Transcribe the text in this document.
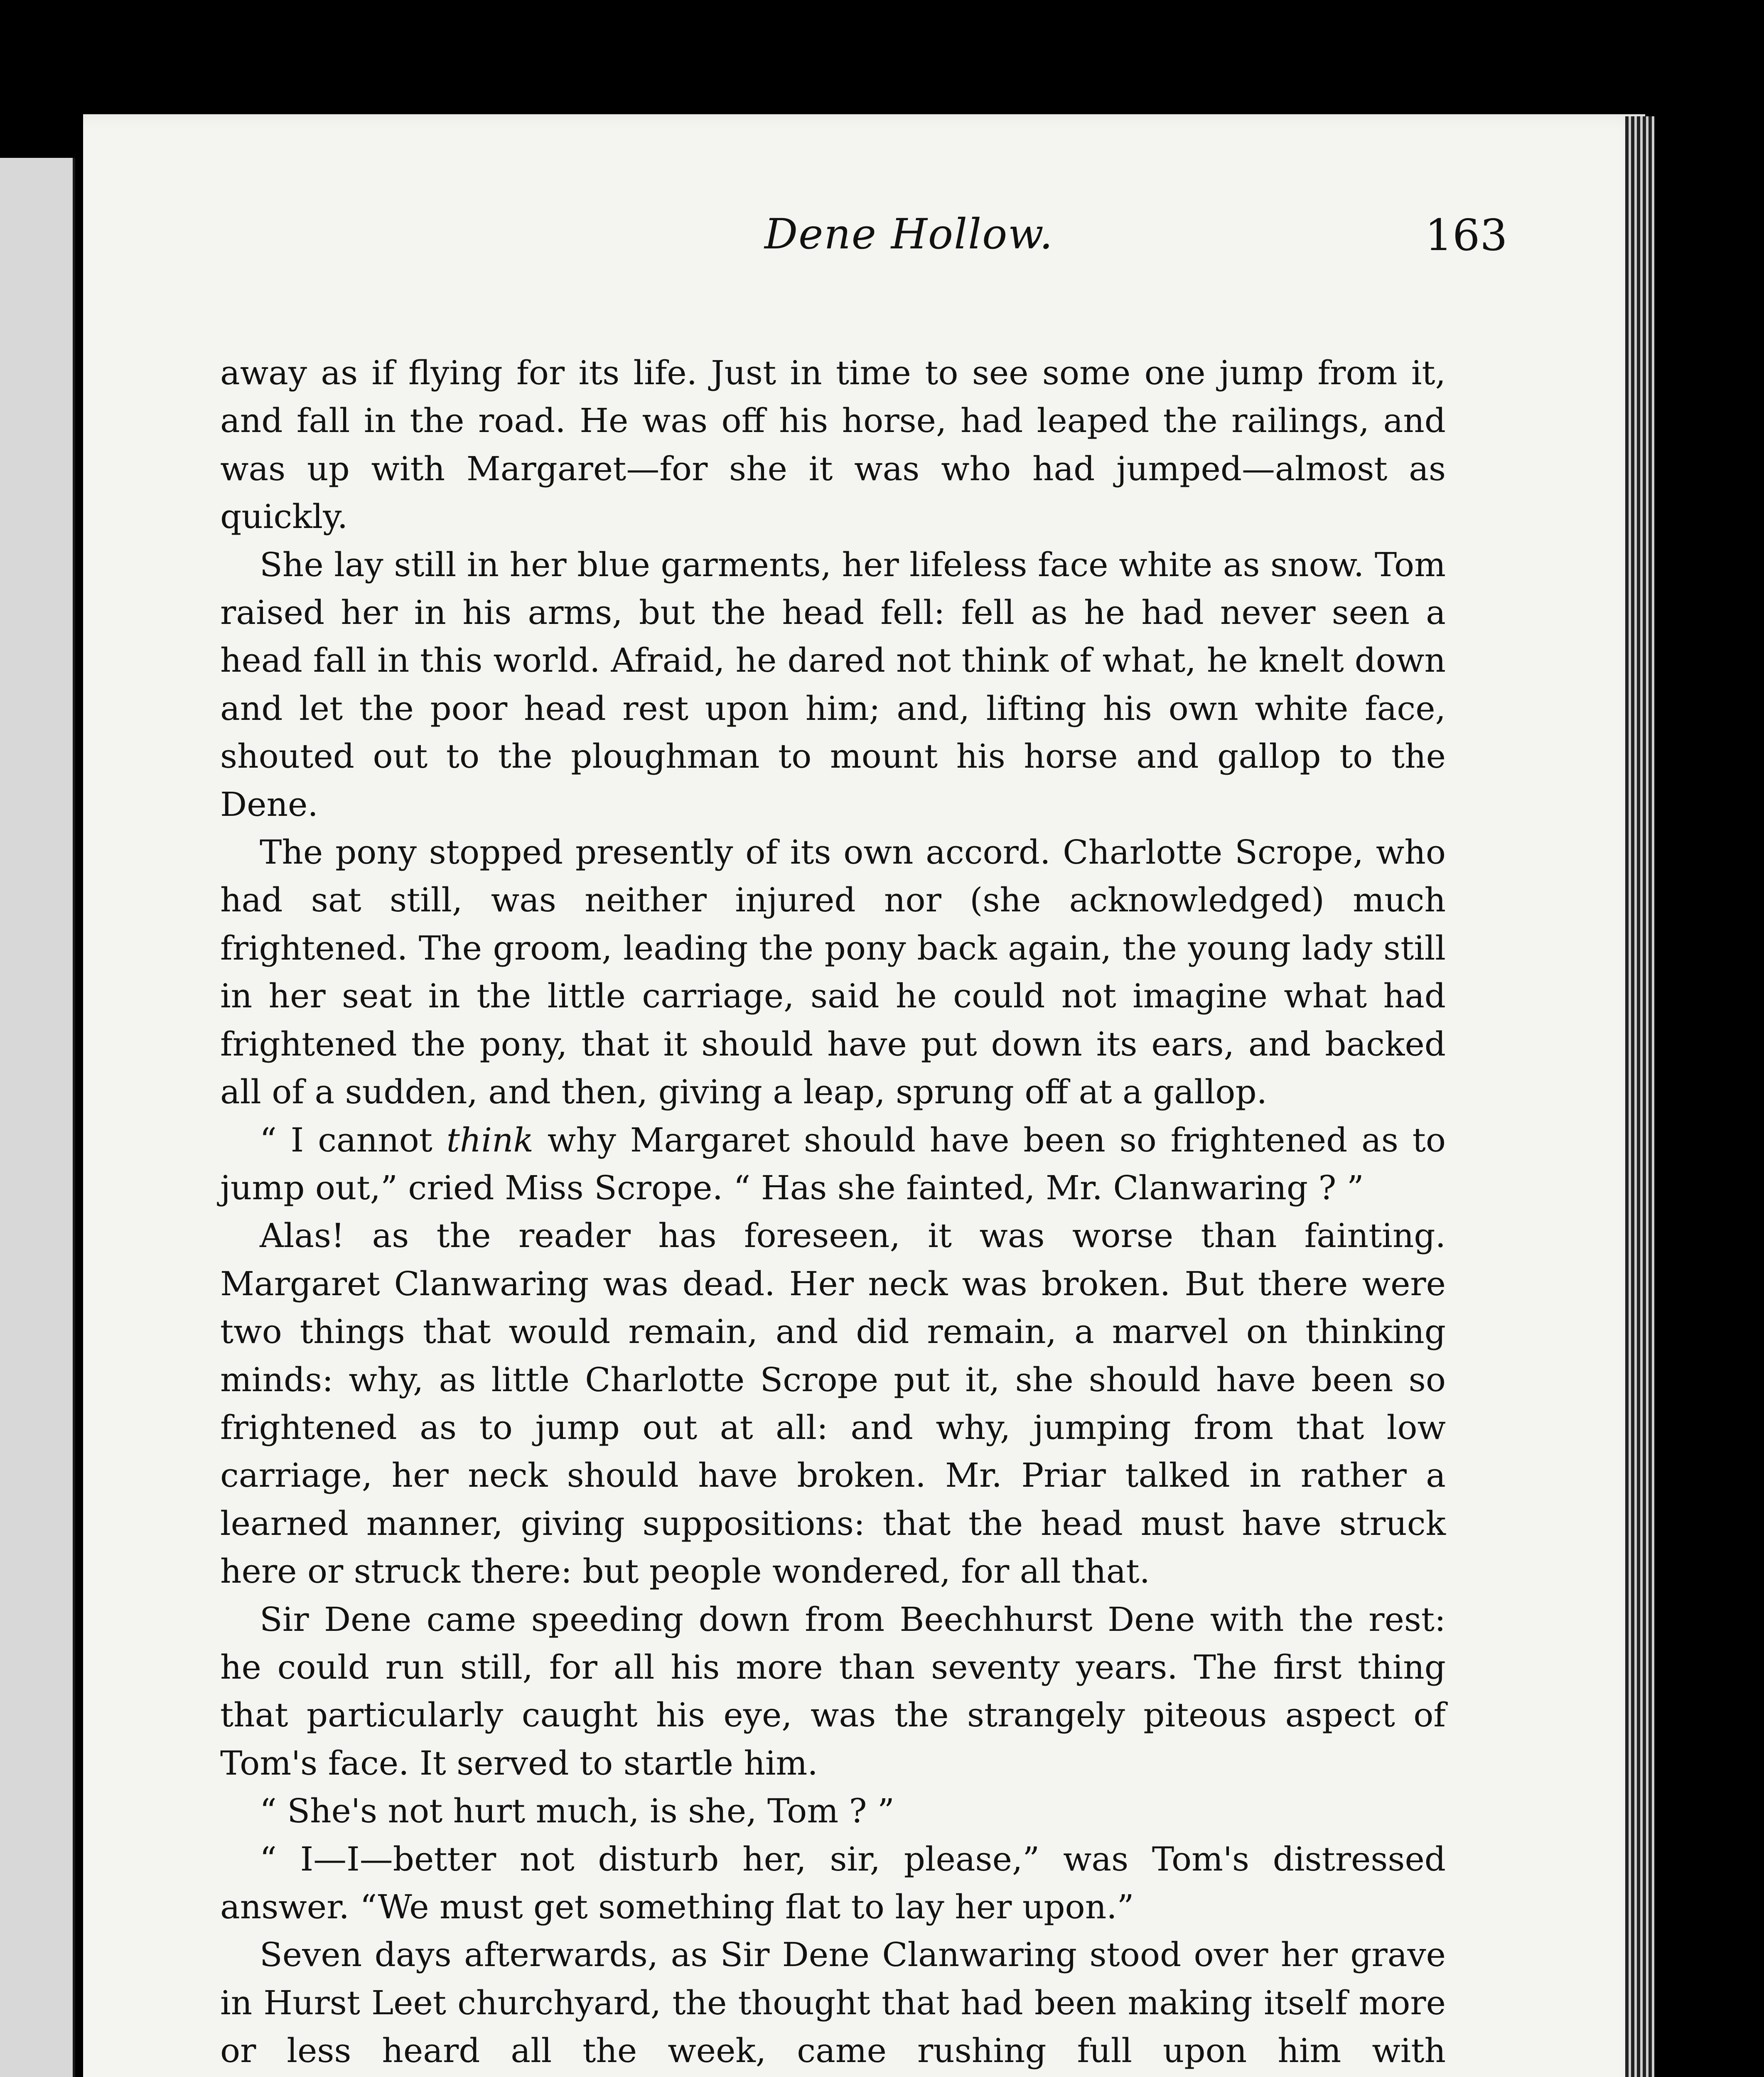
Dene Hollow.	163

away as if flying for its life. Just in time to see some one jump from it, and fall in the road. He was off his horse, had leaped the railings, and was up with Margaret—for she it was who had jumped—almost as quickly.

She lay still in her blue garments, her lifeless face white as snow. Tom raised her in his arms, but the head fell: fell as he had never seen a head fall in this world. Afraid, he dared not think of what, he knelt down and let the poor head rest upon him; and, lifting his own white face, shouted out to the ploughman to mount his horse and gallop to the Dene.

The pony stopped presently of its own accord. Charlotte Scrope, who had sat still, was neither injured nor (she acknowledged) much frightened. The groom, leading the pony back again, the young lady still in her seat in the little carriage, said he could not imagine what had frightened the pony, that it should have put down its ears, and backed all of a sudden, and then, giving a leap, sprung off at a gallop.

“ I cannot think why Margaret should have been so frightened as to jump out,” cried Miss Scrope. “ Has she fainted, Mr. Clanwaring ? ”

Alas! as the reader has foreseen, it was worse than fainting. Margaret Clanwaring was dead. Her neck was broken. But there were two things that would remain, and did remain, a marvel on thinking minds: why, as little Charlotte Scrope put it, she should have been so frightened as to jump out at all: and why, jumping from that low carriage, her neck should have broken. Mr. Priar talked in rather a learned manner, giving suppositions: that the head must have struck here or struck there: but people wondered, for all that.

Sir Dene came speeding down from Beechhurst Dene with the rest: he could run still, for all his more than seventy years. The first thing that particularly caught his eye, was the strangely piteous aspect of Tom's face. It served to startle him.

“ She's not hurt much, is she, Tom ? ”

“ I—I—better not disturb her, sir, please,” was Tom's distressed answer. “We must get something flat to lay her upon.”

Seven days afterwards, as Sir Dene Clanwaring stood over her grave in Hurst Leet churchyard, the thought that had been making itself more or less heard all the week, came rushing full upon him with
